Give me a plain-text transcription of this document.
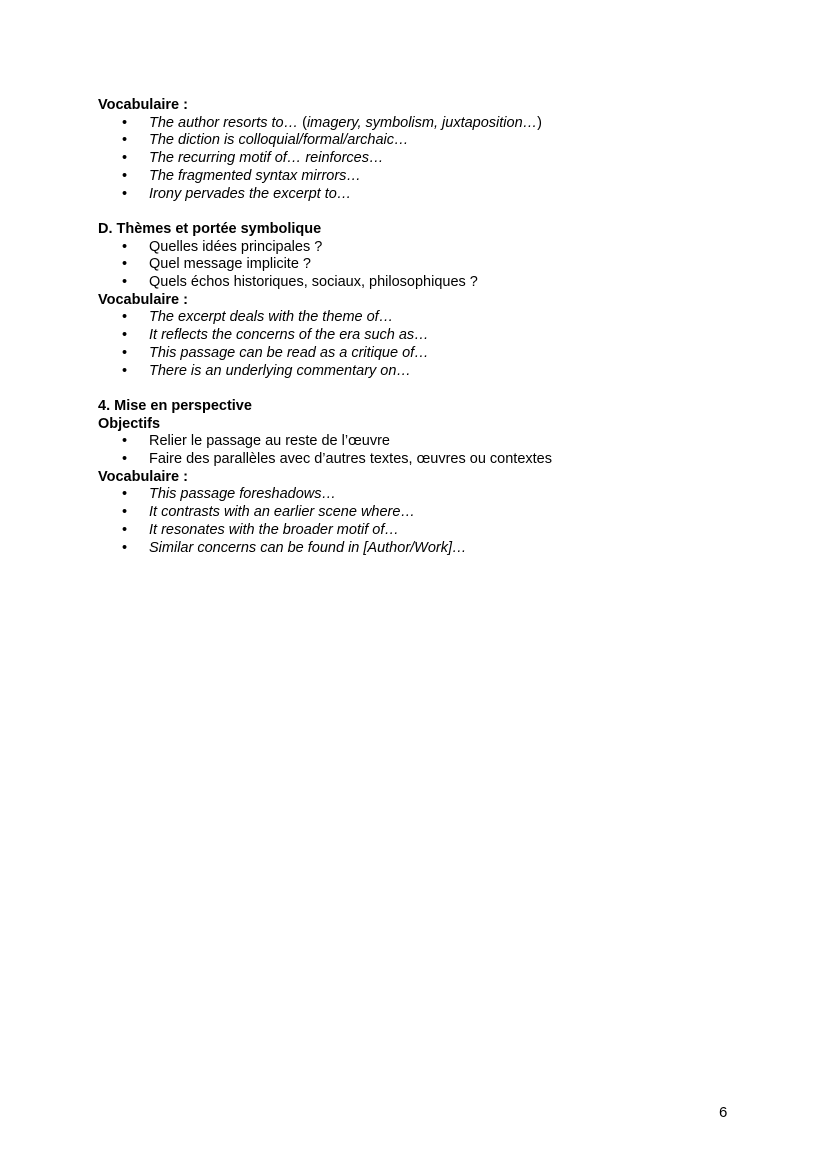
Vocabulaire :

• The author resorts to… (imagery, symbolism, juxtaposition…)
• The diction is colloquial/formal/archaic…
• The recurring motif of… reinforces…
• The fragmented syntax mirrors…
• Irony pervades the excerpt to…

D. Thèmes et portée symbolique

• Quelles idées principales ?
• Quel message implicite ?
• Quels échos historiques, sociaux, philosophiques ?

Vocabulaire :

• The excerpt deals with the theme of…
• It reflects the concerns of the era such as…
• This passage can be read as a critique of…
• There is an underlying commentary on…

4. Mise en perspective

Objectifs

• Relier le passage au reste de l’œuvre
• Faire des parallèles avec d’autres textes, œuvres ou contextes

Vocabulaire :

• This passage foreshadows…
• It contrasts with an earlier scene where…
• It resonates with the broader motif of…
• Similar concerns can be found in [Author/Work]…
6
